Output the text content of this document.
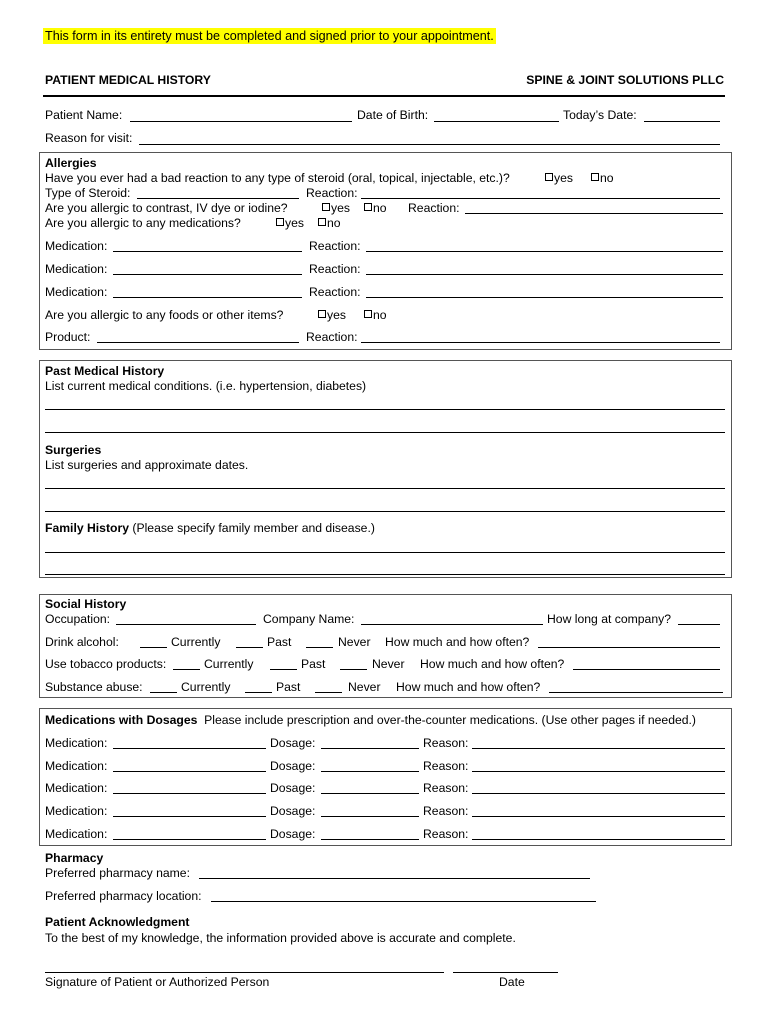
This form in its entirety must be completed and signed prior to your appointment.
PATIENT MEDICAL HISTORY	SPINE & JOINT SOLUTIONS PLLC
Patient Name:	Date of Birth:	Today’s Date:
Reason for visit:
Allergies
Have you ever had a bad reaction to any type of steroid (oral, topical, injectable, etc.)?	yes	no
Type of Steroid:	Reaction:
Are you allergic to contrast, IV dye or iodine?	yes	no Reaction:
Are you allergic to any medications?	yes	no
Medication:	Reaction:
Medication:	Reaction:
Medication:	Reaction:
Are you allergic to any foods or other items?	yes	no
Product:	Reaction:
Past Medical History
List current medical conditions. (i.e. hypertension, diabetes)
Surgeries
List surgeries and approximate dates.
Family History (Please specify family member and disease.)
Social History
Occupation:	Company Name:	How long at company?
Drink alcohol:	Currently	Past	Never How much and how often?
Use tobacco products:	Currently	Past	Never How much and how often?
Substance abuse:	Currently	Past	Never How much and how often?
Medications with Dosages Please include prescription and over-the-counter medications. (Use other pages if needed.)
Medication:	Dosage:	Reason:
Medication:	Dosage:	Reason:
Medication:	Dosage:	Reason:
Medication:	Dosage:	Reason:
Medication:	Dosage:	Reason:
Pharmacy
Preferred pharmacy name:
Preferred pharmacy location:
Patient Acknowledgment
To the best of my knowledge, the information provided above is accurate and complete.
Signature of Patient or Authorized Person	Date
